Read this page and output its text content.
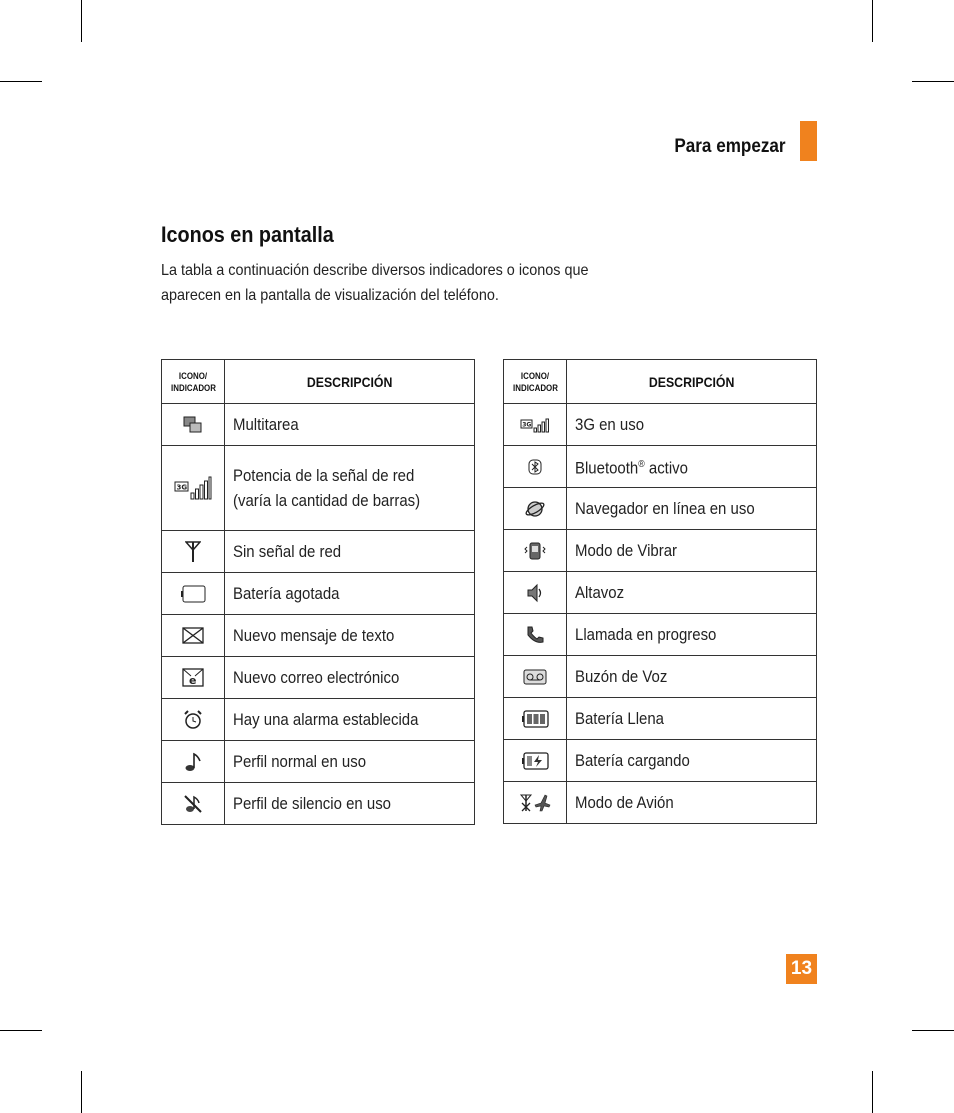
Para empezar
Iconos en pantalla
La tabla a continuación describe diversos indicadores o iconos que
aparecen en la pantalla de visualización del teléfono.
ICONO/
INDICADOR	DESCRIPCIÓN

	Multitarea

3G	Potencia de la señal de red
(varía la cantidad de barras)

	Sin señal de red

	Batería agotada

	Nuevo mensaje de texto

e	Nuevo correo electrónico

	Hay una alarma establecida

	Perfil normal en uso

	Perfil de silencio en uso
ICONO/
INDICADOR	DESCRIPCIÓN

3G	3G en uso

	Bluetooth® activo

	Navegador en línea en uso

	Modo de Vibrar

	Altavoz

	Llamada en progreso

	Buzón de Voz

	Batería Llena

	Batería cargando

	Modo de Avión
13
